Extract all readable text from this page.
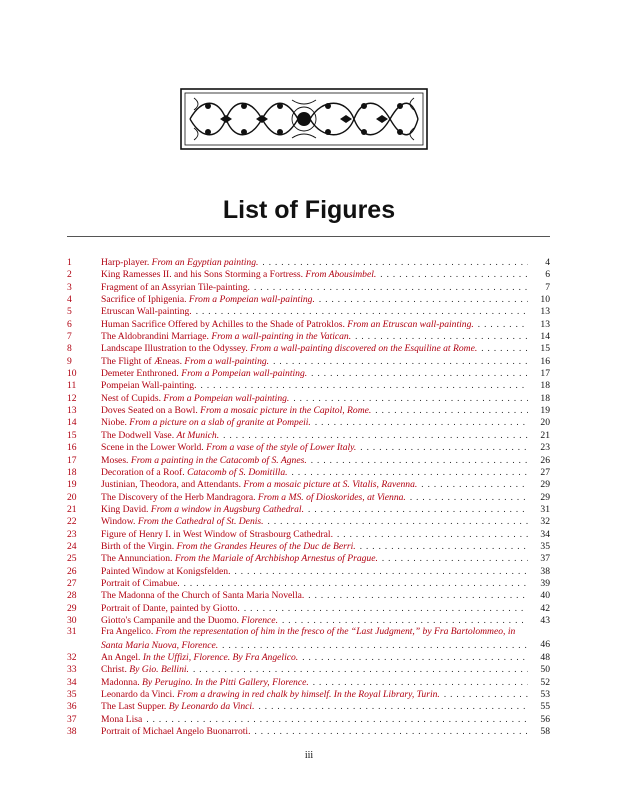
List of Figures
1	Harp-player. From an Egyptian painting. . . .	4
2	King Ramesses II. and his Sons Storming a Fortress. From Abousimbel. . . .	6
3	Fragment of an Assyrian Tile-painting. . . .	7
4	Sacrifice of Iphigenia. From a Pompeian wall-painting. . . .	10
5	Etruscan Wall-painting. . . .	13
6	Human Sacrifice Offered by Achilles to the Shade of Patroklos. From an Etruscan wall-painting. . . .	13
7	The Aldobrandini Marriage. From a wall-painting in the Vatican. . . .	14
8	Landscape Illustration to the Odyssey. From a wall-painting discovered on the Esquiline at Rome. . . .	15
9	The Flight of Æneas. From a wall-painting. . . .	16
10	Demeter Enthroned. From a Pompeian wall-painting. . . .	17
11	Pompeian Wall-painting. . . .	18
12	Nest of Cupids. From a Pompeian wall-painting. . . .	18
13	Doves Seated on a Bowl. From a mosaic picture in the Capitol, Rome. . . .	19
14	Niobe. From a picture on a slab of granite at Pompeii. . . .	20
15	The Dodwell Vase. At Munich. . . .	21
16	Scene in the Lower World. From a vase of the style of Lower Italy. . . .	23
17	Moses. From a painting in the Catacomb of S. Agnes. . . .	26
18	Decoration of a Roof. Catacomb of S. Domitilla. . . .	27
19	Justinian, Theodora, and Attendants. From a mosaic picture at S. Vitalis, Ravenna. . . .	29
20	The Discovery of the Herb Mandragora. From a MS. of Dioskorides, at Vienna. . . .	29
21	King David. From a window in Augsburg Cathedral. . . .	31
22	Window. From the Cathedral of St. Denis. . . .	32
23	Figure of Henry I. in West Window of Strasbourg Cathedral. . . .	34
24	Birth of the Virgin. From the Grandes Heures of the Duc de Berri. . . .	35
25	The Annunciation. From the Mariale of Archbishop Arnestus of Prague. . . .	37
26	Painted Window at Konigsfelden. . . .	38
27	Portrait of Cimabue. . . .	39
28	The Madonna of the Church of Santa Maria Novella. . . .	40
29	Portrait of Dante, painted by Giotto. . . .	42
30	Giotto's Campanile and the Duomo. Florence. . . .	43
31	Fra Angelico. From the representation of him in the fresco of the “Last Judgment,” by Fra Bartolommeo, in
Santa Maria Nuova, Florence. . . .	46
32	An Angel. In the Uffizi, Florence. By Fra Angelico. . . .	48
33	Christ. By Gio. Bellini. . . .	50
34	Madonna. By Perugino. In the Pitti Gallery, Florence. . . .	52
35	Leonardo da Vinci. From a drawing in red chalk by himself. In the Royal Library, Turin. . . .	53
36	The Last Supper. By Leonardo da Vinci. . . .	55
37	Mona Lisa . . .	56
38	Portrait of Michael Angelo Buonarroti. . . .	58
iii
